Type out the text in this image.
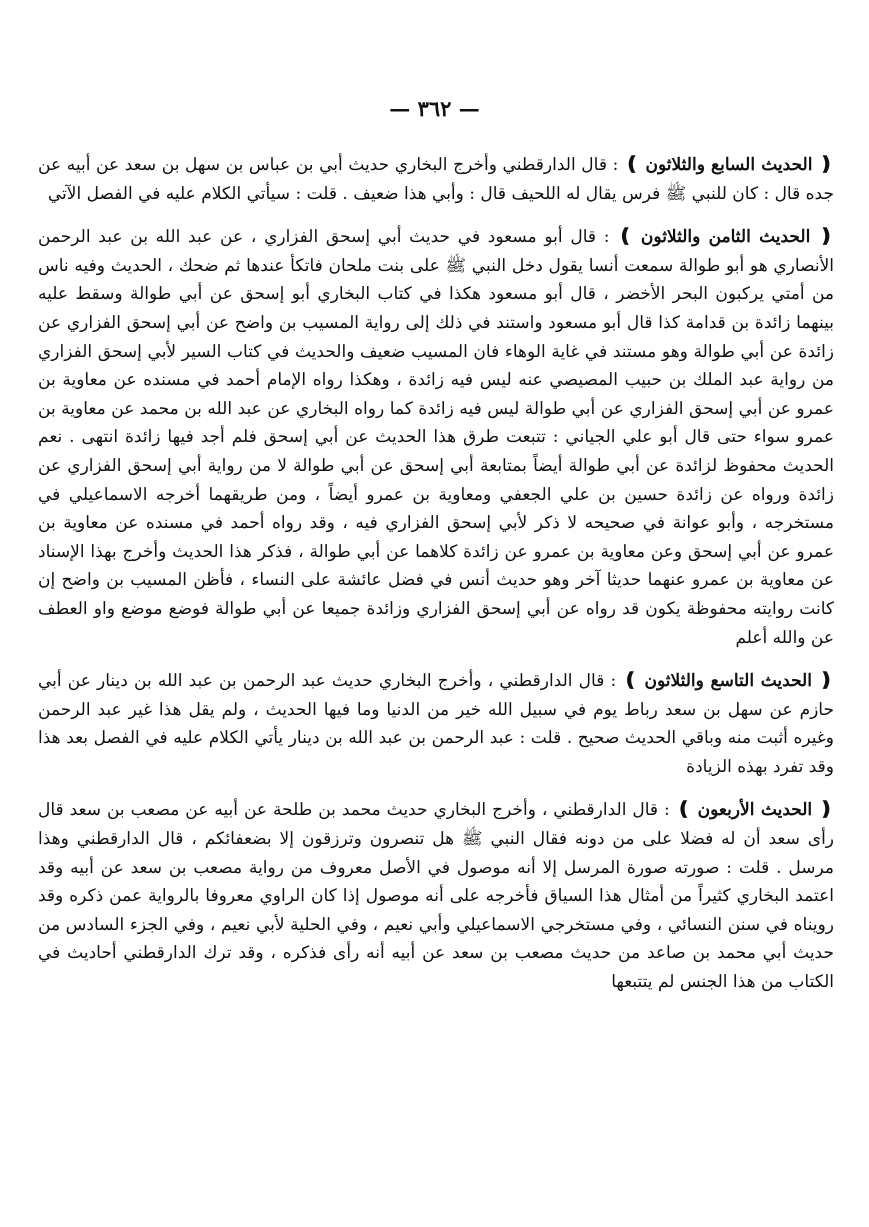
— ٣٦٢ —

❪ الحديث السابع والثلاثون ❫ : قال الدارقطني وأخرج البخاري حديث أبي بن عباس بن سهل بن سعد عن أبيه عن جده قال : كان للنبي ﷺ فرس يقال له اللحيف قال : وأبي هذا ضعيف . قلت : سيأتي الكلام عليه في الفصل الآتي

❪ الحديث الثامن والثلاثون ❫ : قال أبو مسعود في حديث أبي إسحق الفزاري ، عن عبد الله بن عبد الرحمن الأنصاري هو أبو طوالة سمعت أنسا يقول دخل النبي ﷺ على بنت ملحان فاتكأ عندها ثم ضحك ، الحديث وفيه ناس من أمتي يركبون البحر الأخضر ، قال أبو مسعود هكذا في كتاب البخاري أبو إسحق عن أبي طوالة وسقط عليه بينهما زائدة بن قدامة كذا قال أبو مسعود واستند في ذلك إلى رواية المسيب بن واضح عن أبي إسحق الفزاري عن زائدة عن أبي طوالة وهو مستند في غاية الوهاء فان المسيب ضعيف والحديث في كتاب السير لأبي إسحق الفزاري من رواية عبد الملك بن حبيب المصيصي عنه ليس فيه زائدة ، وهكذا رواه الإمام أحمد في مسنده عن معاوية بن عمرو عن أبي إسحق الفزاري عن أبي طوالة ليس فيه زائدة كما رواه البخاري عن عبد الله بن محمد عن معاوية بن عمرو سواء حتى قال أبو علي الجياني : تتبعت طرق هذا الحديث عن أبي إسحق فلم أجد فيها زائدة انتهى . نعم الحديث محفوظ لزائدة عن أبي طوالة أيضاً بمتابعة أبي إسحق عن أبي طوالة لا من رواية أبي إسحق الفزاري عن زائدة ورواه عن زائدة حسين بن علي الجعفي ومعاوية بن عمرو أيضاً ، ومن طريقهما أخرجه الاسماعيلي في مستخرجه ، وأبو عوانة في صحيحه لا ذكر لأبي إسحق الفزاري فيه ، وقد رواه أحمد في مسنده عن معاوية بن عمرو عن أبي إسحق وعن معاوية بن عمرو عن زائدة كلاهما عن أبي طوالة ، فذكر هذا الحديث وأخرج بهذا الإسناد عن معاوية بن عمرو عنهما حديثا آخر وهو حديث أنس في فضل عائشة على النساء ، فأظن المسيب بن واضح إن كانت روايته محفوظة يكون قد رواه عن أبي إسحق الفزاري وزائدة جميعا عن أبي طوالة فوضع موضع واو العطف عن والله أعلم

❪ الحديث التاسع والثلاثون ❫ : قال الدارقطني ، وأخرج البخاري حديث عبد الرحمن بن عبد الله بن دينار عن أبي حازم عن سهل بن سعد رباط يوم في سبيل الله خير من الدنيا وما فيها الحديث ، ولم يقل هذا غير عبد الرحمن وغيره أثبت منه وباقي الحديث صحيح . قلت : عبد الرحمن بن عبد الله بن دينار يأتي الكلام عليه في الفصل بعد هذا وقد تفرد بهذه الزيادة

❪ الحديث الأربعون ❫ : قال الدارقطني ، وأخرج البخاري حديث محمد بن طلحة عن أبيه عن مصعب بن سعد قال رأى سعد أن له فضلا على من دونه فقال النبي ﷺ هل تنصرون وترزقون إلا بضعفائكم ، قال الدارقطني وهذا مرسل . قلت : صورته صورة المرسل إلا أنه موصول في الأصل معروف من رواية مصعب بن سعد عن أبيه وقد اعتمد البخاري كثيراً من أمثال هذا السياق فأخرجه على أنه موصول إذا كان الراوي معروفا بالرواية عمن ذكره وقد رويناه في سنن النسائي ، وفي مستخرجي الاسماعيلي وأبي نعيم ، وفي الحلية لأبي نعيم ، وفي الجزء السادس من حديث أبي محمد بن صاعد من حديث مصعب بن سعد عن أبيه أنه رأى فذكره ، وقد ترك الدارقطني أحاديث في الكتاب من هذا الجنس لم يتتبعها
